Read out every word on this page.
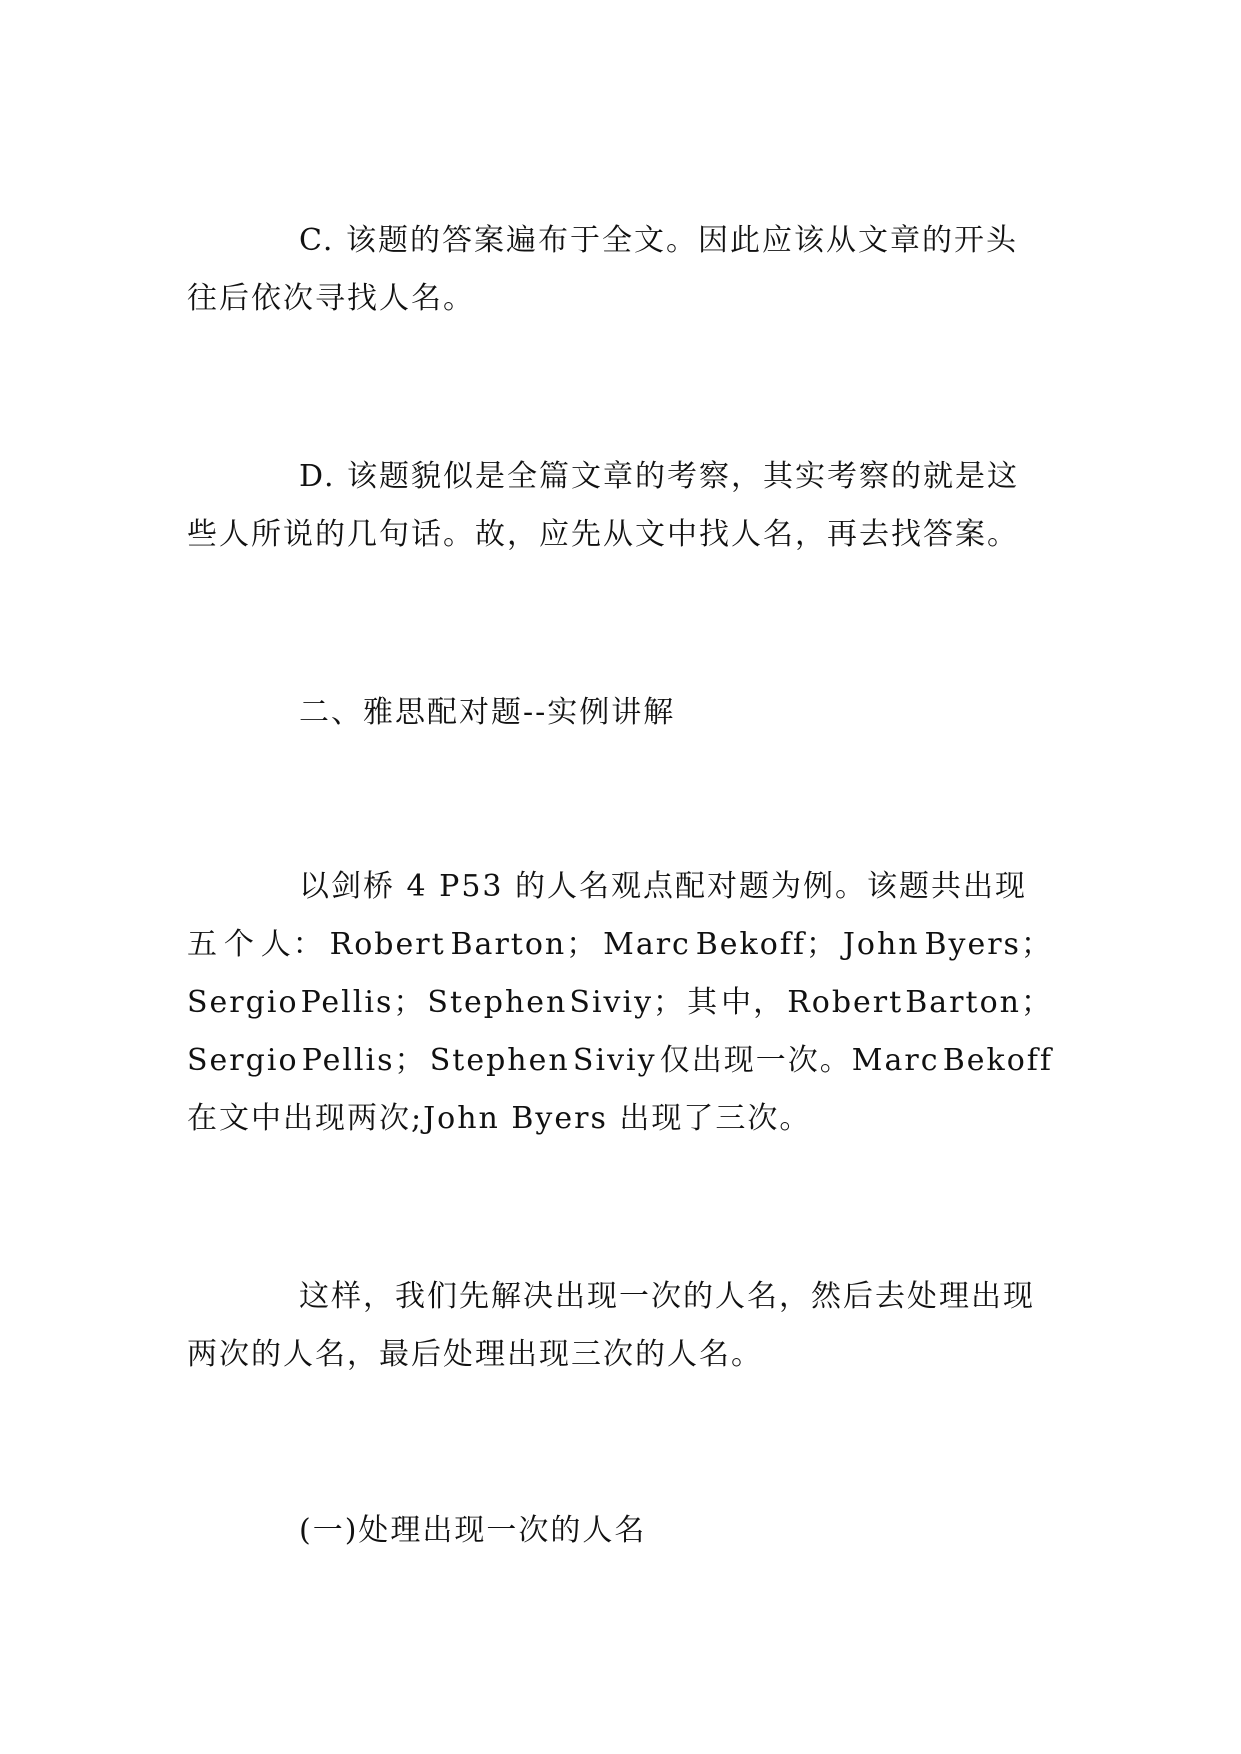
C. 该题的答案遍布于全文。因此应该从文章的开头
往后依次寻找人名。
D. 该题貌似是全篇文章的考察，其实考察的就是这
些人所说的几句话。故，应先从文中找人名，再去找答案。
二、雅思配对题--实例讲解
以剑桥 4 P53 的人名观点配对题为例。该题共出现
五 个 人： Robert Barton； Marc Bekoff； John Byers；
Sergio Pellis； Stephen Siviy； 其 中， Robert Barton；
Sergio Pellis； Stephen Siviy 仅出现一次。Marc Bekoff
在文中出现两次;John Byers 出现了三次。
这样，我们先解决出现一次的人名，然后去处理出现
两次的人名，最后处理出现三次的人名。
(一)处理出现一次的人名
